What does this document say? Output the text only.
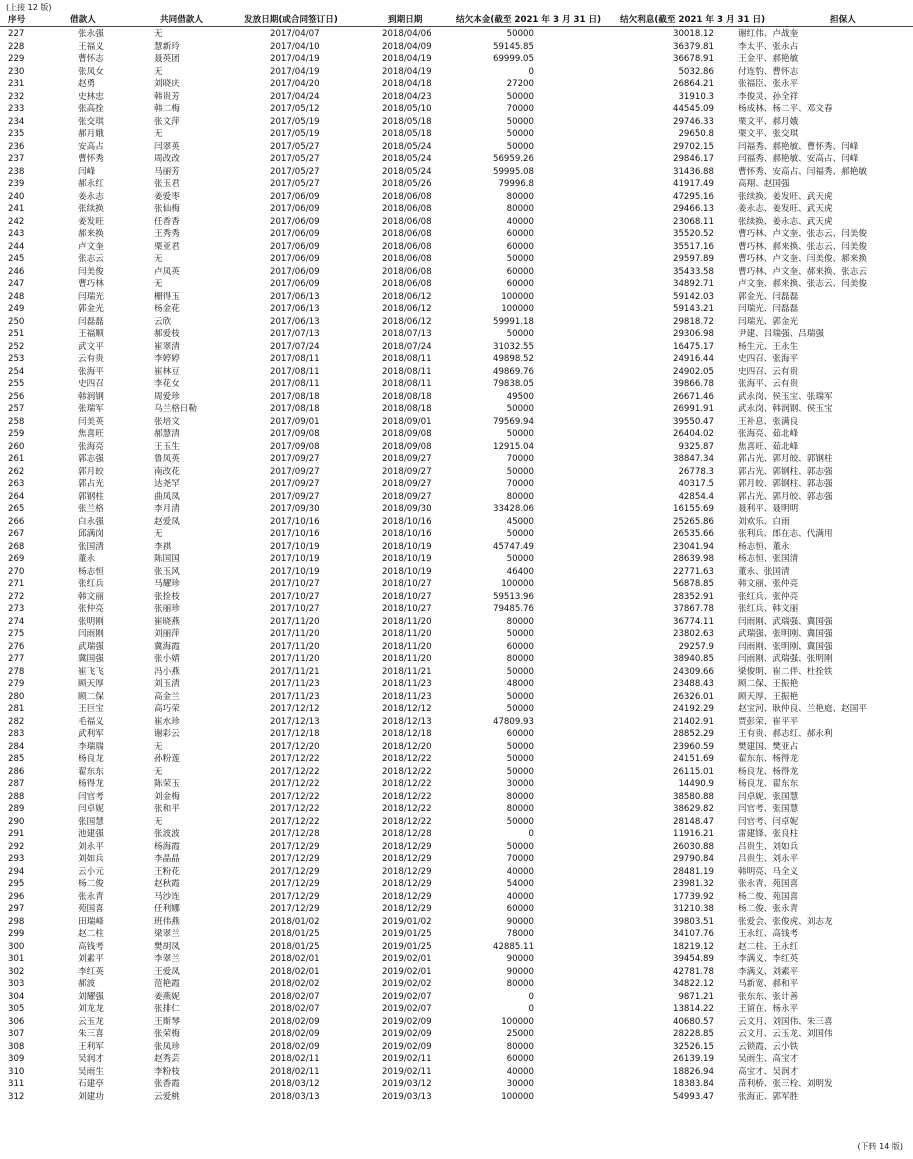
(上接 12 版)
序号	借款人	共同借款人	发放日期(或合同签订日)	到期日期	结欠本金(截至 2021 年 3 月 31 日)	结欠利息(截至 2021 年 3 月 31 日)	担保人
227	张永强	无	2017/04/07	2018/04/06	50000	30018.12	谢红伟、卢战奎
228	王福义	慧新玲	2017/04/10	2018/04/09	59145.85	36379.81	李太平、张永占
229	曹怀志	聂英团	2017/04/19	2018/04/19	69999.05	36678.91	王金平、郝艳敏
230	张凤女	无	2017/04/19	2018/04/19	0	5032.86	付连豹、曹怀志
231	赵勇	刘晓庆	2017/04/20	2018/04/18	27200	26864.21	张福臣、张永平
232	史林忠	韩贵芳	2017/04/24	2018/04/23	50000	31910.3	李俊灵、孙全祥
233	张高拴	韩二梅	2017/05/12	2018/05/10	70000	44545.09	杨成林、杨二平、邓文春
234	张交琪	张文萍	2017/05/19	2018/05/18	50000	29746.33	栗文平、郝月娥
235	郝月娥	无	2017/05/19	2018/05/18	50000	29650.8	栗文平、张交琪
236	安高占	闫翠英	2017/05/27	2018/05/24	50000	29702.15	闫福秀、郝艳敏、曹怀秀、闫峰
237	曹怀秀	周改改	2017/05/27	2018/05/24	56959.26	29846.17	闫福秀、郝艳敏、安高占、闫峰
238	闫峰	马丽芳	2017/05/27	2018/05/24	59995.08	31436.88	曹怀秀、安高占、闫福秀、郝艳敏
239	郝永红	张玉君	2017/05/27	2018/05/26	79996.8	41917.49	高翔、赵国强
240	姜永志	姜爱枣	2017/06/09	2018/06/08	80000	47295.16	张续换、姜发旺、武天虎
241	张续换	张仙梅	2017/06/09	2018/06/08	80000	29466.13	姜永志、姜发旺、武天虎
242	姜发旺	任香香	2017/06/09	2018/06/08	40000	23068.11	张续换、姜永志、武天虎
243	郝来换	王秀秀	2017/06/09	2018/06/08	60000	35520.52	曹巧林、卢文奎、张志云、闫美俊
244	卢文奎	栗亚君	2017/06/09	2018/06/08	60000	35517.16	曹巧林、郝来换、张志云、闫美俊
245	张志云	无	2017/06/09	2018/06/08	50000	29597.89	曹巧林、卢文奎、闫美俊、郝来换
246	闫美俊	卢凤英	2017/06/09	2018/06/08	60000	35433.58	曹巧林、卢文奎、郝来换、张志云
247	曹巧林	无	2017/06/09	2018/06/08	60000	34892.71	卢文奎、郝来换、张志云、闫美俊
248	闫瑞光	栅得玉	2017/06/13	2018/06/12	100000	59142.03	郭金光、闫磊磊
249	郭金光	杨金花	2017/06/13	2018/06/12	100000	59143.21	闫瑞光、闫磊磊
250	闫磊磊	云欣	2017/06/13	2018/06/12	59991.18	29818.72	闫瑞光、郭金光
251	王福顺	郝爱枝	2017/07/13	2018/07/13	50000	29306.98	尹建、吕瑞强、吕瑞强
252	武文平	崔翠清	2017/07/24	2018/07/24	31032.55	16475.17	杨生元、王永生
253	云有贵	李婷婷	2017/08/11	2018/08/11	49898.52	24916.44	史四召、张海平
254	张海平	崔林豆	2017/08/11	2018/08/11	49869.76	24902.05	史四召、云有贵
255	史四召	李花女	2017/08/11	2018/08/11	79838.05	39866.78	张海平、云有贵
256	韩润钢	周爱珍	2017/08/18	2018/08/18	49500	26671.46	武永岗、侯玉宝、张瑞军
257	张瑞军	乌兰格日勒	2017/08/18	2018/08/18	50000	26991.91	武永岗、韩润钢、侯玉宝
258	闫美英	张培文	2017/09/01	2018/09/01	79569.94	39550.47	王补息、张满良
259	焦喜旺	郝慧清	2017/09/08	2018/09/08	50000	26404.02	张海亮、茹北峰
260	张海亮	王玉生	2017/09/08	2018/09/08	12915.04	9325.87	焦喜旺、茹北峰
261	郭志强	鲁凤英	2017/09/27	2018/09/27	70000	38847.34	郭占光、郭月皎、郭钢柱
262	郭月皎	南改花	2017/09/27	2018/09/27	50000	26778.3	郭占光、郭钢柱、郭志强
263	郭占光	达尧罕	2017/09/27	2018/09/27	70000	40317.5	郭月皎、郭钢柱、郭志强
264	郭钢柱	曲凤凤	2017/09/27	2018/09/27	80000	42854.4	郭占光、郭月皎、郭志强
265	张兰格	李月清	2017/09/30	2018/09/30	33428.06	16155.69	聂利平、聂明明
266	白永强	赵爱凤	2017/10/16	2018/10/16	45000	25265.86	刘欢乐、白雨
267	邱满岗	无	2017/10/16	2018/10/16	50000	26535.66	张利兵、郎在志、代满用
268	张国清	李祺	2017/10/19	2018/10/19	45747.49	23041.94	杨志恒、董永
269	董永	陈国国	2017/10/19	2018/10/19	50000	28639.98	杨志恒、张国清
270	杨志恒	张玉风	2017/10/19	2018/10/19	46400	22771.63	董永、张国清
271	张红兵	马耀珍	2017/10/27	2018/10/27	100000	56878.85	韩文丽、张仲亮
272	韩文丽	张拴枝	2017/10/27	2018/10/27	59513.96	28352.91	张红兵、张仲亮
273	张仲亮	张丽珍	2017/10/27	2018/10/27	79485.76	37867.78	张红兵、韩文丽
274	张明刚	崔晓燕	2017/11/20	2018/11/20	80000	36774.11	闫雨刚、武瑞强、冀国强
275	闫雨刚	刘丽萍	2017/11/20	2018/11/20	50000	23802.63	武瑞强、张明刚、冀国强
276	武瑞强	冀海霞	2017/11/20	2018/11/20	60000	29257.9	闫雨刚、张明刚、冀国强
277	冀国强	张小婧	2017/11/20	2018/11/20	80000	38940.85	闫雨刚、武瑞强、张明刚
278	崔飞飞	冯小燕	2017/11/21	2018/11/21	50000	24309.66	梁俊明、崔二伴、杜拴铁
279	顾天厚	刘玉清	2017/11/23	2018/11/23	48000	23488.43	顾二保、王振艳
280	顾二保	高金兰	2017/11/23	2018/11/23	50000	26326.01	顾天厚、王振艳
281	王巨宝	高巧荣	2017/12/12	2018/12/12	50000	24192.29	赵宝河、耿仲良、兰艳庭、赵国平
282	毛福义	崔水珍	2017/12/13	2018/12/13	47809.93	21402.91	贾彭荣、崔平平
283	武利军	谢彩云	2017/12/18	2018/12/18	60000	28852.29	王有贵、郝志红、郝永利
284	李瑞瑞	无	2017/12/20	2018/12/20	50000	23960.59	樊建国、樊亚占
285	杨良龙	孙粉莲	2017/12/22	2018/12/22	50000	24151.69	翟东东、杨得龙
286	翟东东	无	2017/12/22	2018/12/22	50000	26115.01	杨良龙、杨得龙
287	杨得龙	陈荣玉	2017/12/22	2018/12/22	30000	14490.9	杨良龙、翟东东
288	闫官考	刘金梅	2017/12/22	2018/12/22	80000	38580.88	闫卓妮、张国慧
289	闫卓妮	张和平	2017/12/22	2018/12/22	80000	38629.82	闫官考、张国慧
290	张国慧	无	2017/12/22	2018/12/22	50000	28148.47	闫官考、闫卓妮
291	池建强	张波波	2017/12/28	2018/12/28	0	11916.21	雷建锋、张良柱
292	刘永平	杨海霞	2017/12/29	2018/12/29	50000	26030.88	吕贵生、刘如兵
293	刘如兵	李晶晶	2017/12/29	2018/12/29	70000	29790.84	吕贵生、刘永平
294	云小元	王粉花	2017/12/29	2018/12/29	40000	28481.19	韩明亮、马全义
295	杨二俊	赵秋霞	2017/12/29	2018/12/29	54000	23981.32	张永青、苑国喜
296	张永青	马沙连	2017/12/29	2018/12/29	40000	17739.92	杨二俊、苑国喜
297	苑国喜	任利娜	2017/12/29	2018/12/29	60000	31210.38	杨二俊、张永青
298	田瑞峰	班伟燕	2018/01/02	2019/01/02	90000	39803.51	张爱会、张俊虎、刘志龙
299	赵二柱	梁翠兰	2018/01/25	2019/01/25	78000	34107.76	王永红、高钱考
300	高钱考	樊胡凤	2018/01/25	2019/01/25	42885.11	18219.12	赵二柱、王永红
301	刘素平	李翠兰	2018/02/01	2019/02/01	90000	39454.89	李满义、李红英
302	李红英	王爱凤	2018/02/01	2019/02/01	90000	42781.78	李满义、刘素平
303	郝波	范艳霞	2018/02/02	2019/02/02	80000	34822.12	马新宽、郝和平
304	刘耀强	姜燕妮	2018/02/07	2019/02/07	0	9871.21	张东东、张计善
305	刘龙龙	张排仁	2018/02/07	2019/02/07	0	13814.22	王留在、杨永平
306	云玉龙	王斯琴	2018/02/09	2019/02/09	100000	40680.57	云文月、刘国伟、朱三喜
307	朱三喜	张荣梅	2018/02/09	2019/02/09	25000	28228.85	云文月、云玉龙、刘国伟
308	王利军	张凤珍	2018/02/09	2019/02/09	80000	32526.15	云锁霞、云小铁
309	吴润才	赵秀芸	2018/02/11	2019/02/11	60000	26139.19	吴雨生、高宝才
310	吴雨生	李粉枝	2018/02/11	2019/02/11	40000	18826.94	高宝才、吴润才
311	石建亭	张香霞	2018/03/12	2019/03/12	30000	18383.84	苗利桥、张三栓、刘明发
312	刘建功	云爱桃	2018/03/13	2019/03/13	100000	54993.47	张海正、郭军胜
(下转 14 版)
